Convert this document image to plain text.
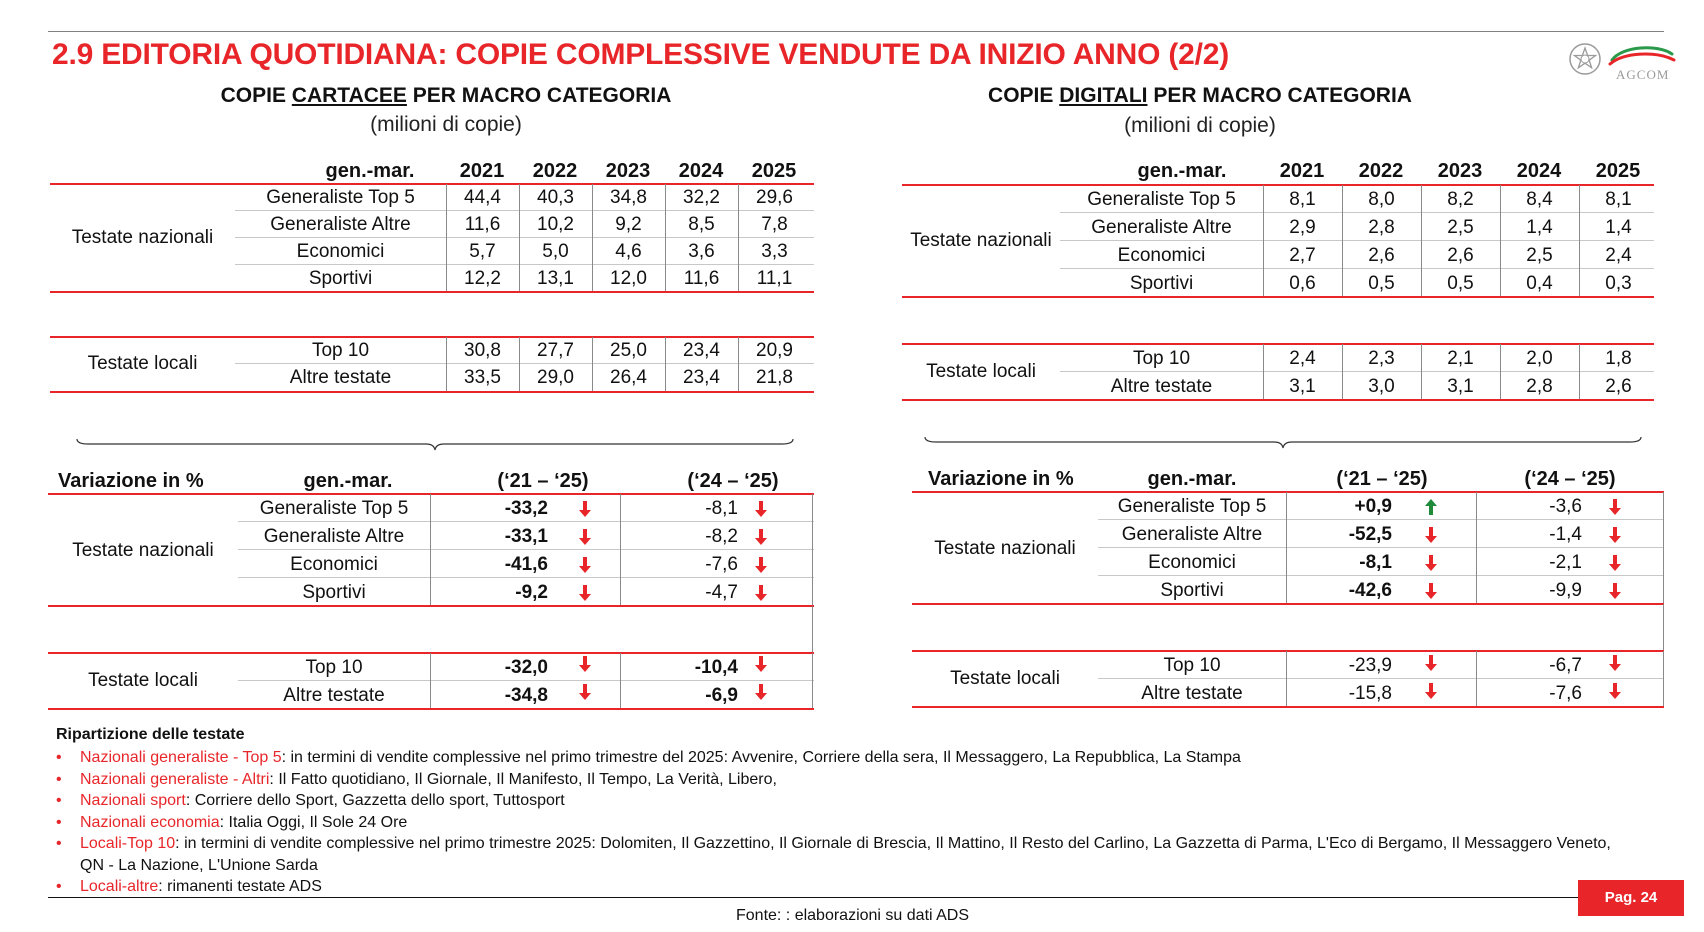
2.9 EDITORIA QUOTIDIANA: COPIE COMPLESSIVE VENDUTE DA INIZIO ANNO (2/2)
AGCOM
COPIE CARTACEE PER MACRO CATEGORIA
(milioni di copie)
gen.-mar.	2021	2022	2023	2024	2025
Testate nazionali
Generaliste Top 5	44,4	40,3	34,8	32,2	29,6
Generaliste Altre	11,6	10,2	9,2	8,5	7,8
Economici	5,7	5,0	4,6	3,6	3,3
Sportivi	12,2	13,1	12,0	11,6	11,1
Testate locali
Top 10	30,8	27,7	25,0	23,4	20,9
Altre testate	33,5	29,0	26,4	23,4	21,8
Variazione in %	gen.-mar.	(‘21 – ‘25)	(‘24 – ‘25)
Testate nazionali
Generaliste Top 5	-33,2	-8,1
Generaliste Altre	-33,1	-8,2
Economici	-41,6	-7,6
Sportivi	-9,2	-4,7
Testate locali
Top 10	-32,0	-10,4
Altre testate	-34,8	-6,9
COPIE DIGITALI PER MACRO CATEGORIA
(milioni di copie)
gen.-mar.	2021	2022	2023	2024	2025
Testate nazionali
Generaliste Top 5	8,1	8,0	8,2	8,4	8,1
Generaliste Altre	2,9	2,8	2,5	1,4	1,4
Economici	2,7	2,6	2,6	2,5	2,4
Sportivi	0,6	0,5	0,5	0,4	0,3
Testate locali
Top 10	2,4	2,3	2,1	2,0	1,8
Altre testate	3,1	3,0	3,1	2,8	2,6
Variazione in %	gen.-mar.	(‘21 – ‘25)	(‘24 – ‘25)
Testate nazionali
Generaliste Top 5	+0,9	-3,6
Generaliste Altre	-52,5	-1,4
Economici	-8,1	-2,1
Sportivi	-42,6	-9,9
Testate locali
Top 10	-23,9	-6,7
Altre testate	-15,8	-7,6
Ripartizione delle testate
• Nazionali generaliste - Top 5: in termini di vendite complessive nel primo trimestre del 2025: Avvenire, Corriere della sera, Il Messaggero, La Repubblica, La Stampa
• Nazionali generaliste - Altri: Il Fatto quotidiano, Il Giornale, Il Manifesto, Il Tempo, La Verità, Libero,
• Nazionali sport: Corriere dello Sport, Gazzetta dello sport, Tuttosport
• Nazionali economia: Italia Oggi, Il Sole 24 Ore
• Locali-Top 10: in termini di vendite complessive nel primo trimestre 2025: Dolomiten, Il Gazzettino, Il Giornale di Brescia, Il Mattino, Il Resto del Carlino, La Gazzetta di Parma, L'Eco di Bergamo, Il Messaggero Veneto, QN - La Nazione, L'Unione Sarda
• Locali-altre: rimanenti testate ADS
Pag. 24
Fonte: : elaborazioni su dati ADS
